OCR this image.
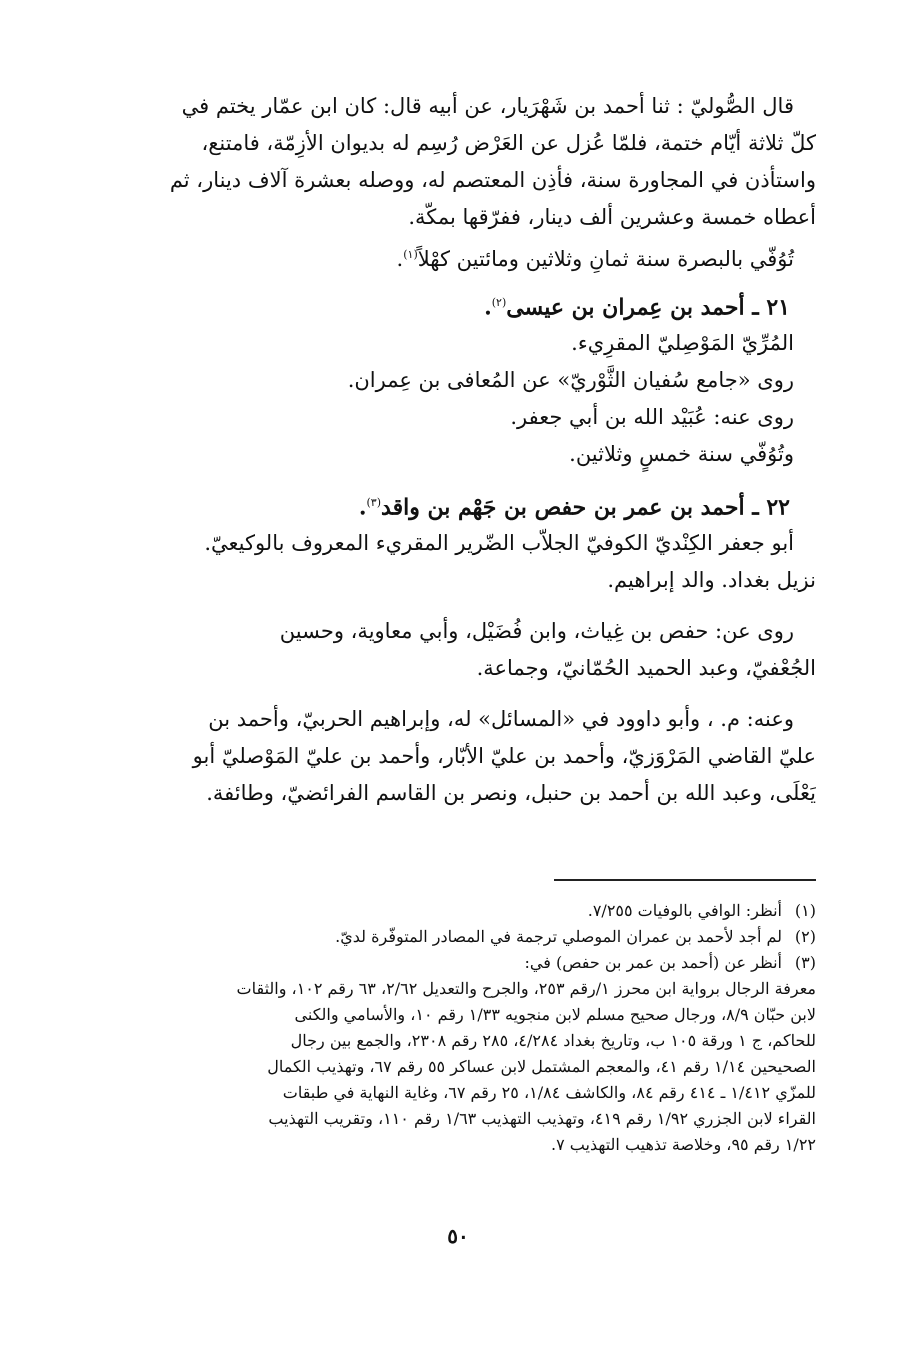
قال الصُّوليّ : ثنا أحمد بن شَهْرَيار، عن أبيه قال: كان ابن عمّار يختم في
كلّ ثلاثة أيّام ختمة، فلمّا عُزل عن العَرْض رُسِم له بديوان الأزِمّة، فامتنع،
واستأذن في المجاورة سنة، فأذِن المعتصم له، ووصله بعشرة آلاف دينار، ثم
أعطاه خمسة وعشرين ألف دينار، ففرّقها بمكّة.
تُوُفّي بالبصرة سنة ثمانٍ وثلاثين ومائتين كهْلاً$^{(١)}$.
٢١ ـ أحمد بن عِمران بن عيسى$^{(٢)}$.
المُرِّيّ المَوْصِليّ المقرِيء.
روى «جامع سُفيان الثَّوْريّ» عن المُعافى بن عِمران.
روى عنه: عُبَيْد الله بن أبي جعفر.
وتُوُفّي سنة خمسٍ وثلاثين.
٢٢ ـ أحمد بن عمر بن حفص بن جَهْم بن واقد$^{(٣)}$.
أبو جعفر الكِنْديّ الكوفيّ الجلاّب الضّرير المقريء المعروف بالوكيعيّ.
نزيل بغداد. والد إبراهيم.
روى عن: حفص بن غِياث، وابن فُضَيْل، وأبي معاوية، وحسين
الجُعْفيّ، وعبد الحميد الحُمّانيّ، وجماعة.
وعنه: م. ، وأبو داوود في «المسائل» له، وإبراهيم الحربيّ، وأحمد بن
عليّ القاضي المَرْوَزيّ، وأحمد بن عليّ الأبّار، وأحمد بن عليّ المَوْصليّ أبو
يَعْلَى، وعبد الله بن أحمد بن حنبل، ونصر بن القاسم الفرائضيّ، وطائفة.
(١)أنظر: الوافي بالوفيات ٧/٢٥٥.
(٢)لم أجد لأحمد بن عمران الموصلي ترجمة في المصادر المتوفّرة لديّ.
(٣)أنظر عن (أحمد بن عمر بن حفص) في:
معرفة الرجال برواية ابن محرز ١/رقم ٢٥٣، والجرح والتعديل ٢/٦٢، ٦٣ رقم ١٠٢، والثقات
لابن حبّان ٨/٩، ورجال صحيح مسلم لابن منجويه ١/٣٣ رقم ١٠، والأسامي والكنى
للحاكم، ج ١ ورقة ١٠٥ ب، وتاريخ بغداد ٤/٢٨٤، ٢٨٥ رقم ٢٣٠٨، والجمع بين رجال
الصحيحين ١/١٤ رقم ٤١، والمعجم المشتمل لابن عساكر ٥٥ رقم ٦٧، وتهذيب الكمال
للمزّي ١/٤١٢ ـ ٤١٤ رقم ٨٤، والكاشف ١/٨٤، ٢٥ رقم ٦٧، وغاية النهاية في طبقات
القراء لابن الجزري ١/٩٢ رقم ٤١٩، وتهذيب التهذيب ١/٦٣ رقم ١١٠، وتقريب التهذيب
١/٢٢ رقم ٩٥، وخلاصة تذهيب التهذيب ٧.
٥٠
